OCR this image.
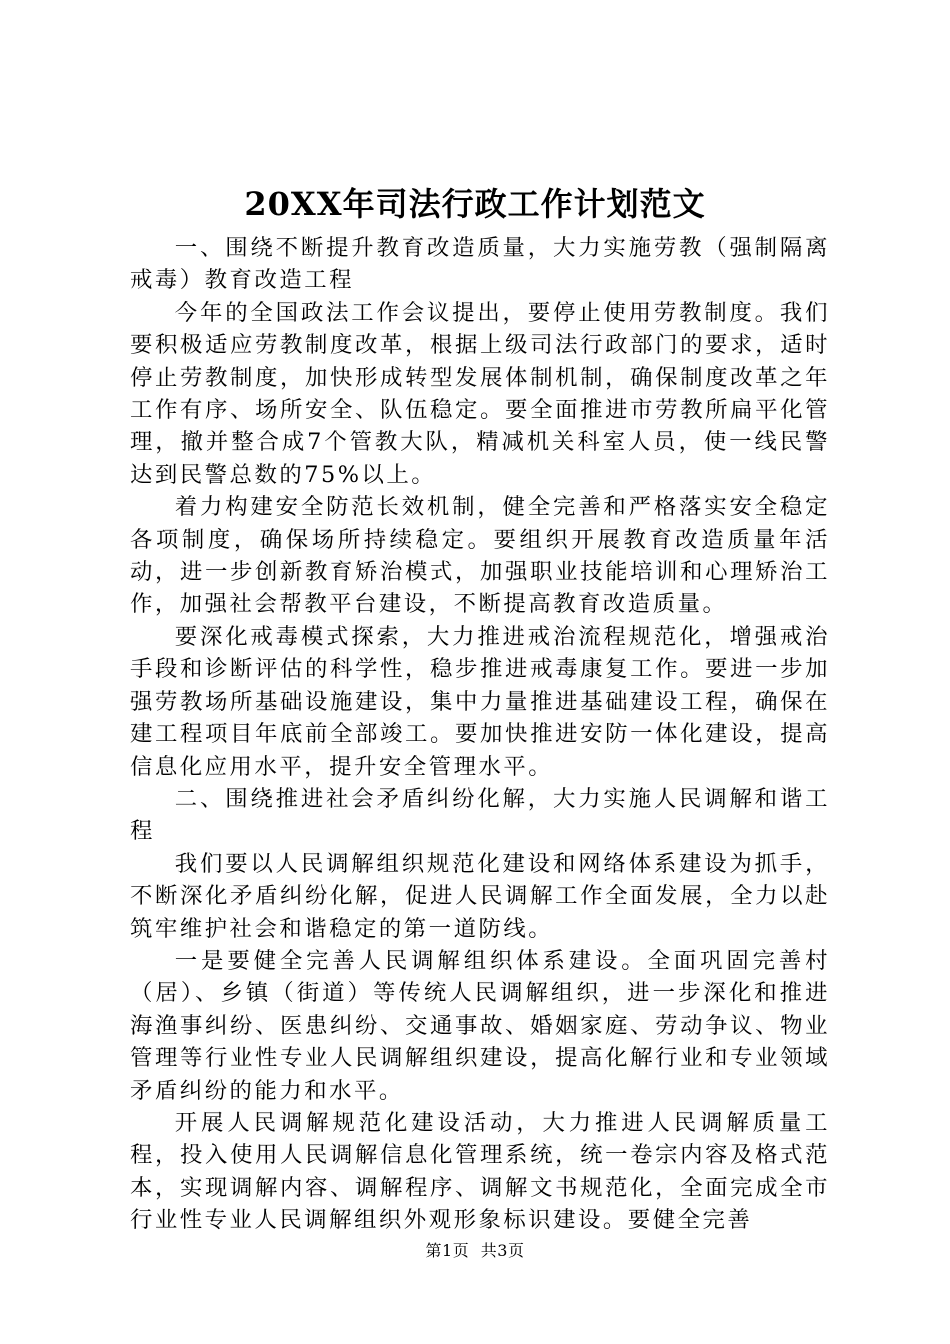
20XX年司法行政工作计划范文

一、围绕不断提升教育改造质量，大力实施劳教（强制隔离戒毒）教育改造工程

今年的全国政法工作会议提出，要停止使用劳教制度。我们要积极适应劳教制度改革，根据上级司法行政部门的要求，适时停止劳教制度，加快形成转型发展体制机制，确保制度改革之年工作有序、场所安全、队伍稳定。要全面推进市劳教所扁平化管理，撤并整合成7个管教大队，精减机关科室人员，使一线民警达到民警总数的75%以上。

着力构建安全防范长效机制，健全完善和严格落实安全稳定各项制度，确保场所持续稳定。要组织开展教育改造质量年活动，进一步创新教育矫治模式，加强职业技能培训和心理矫治工作，加强社会帮教平台建设，不断提高教育改造质量。

要深化戒毒模式探索，大力推进戒治流程规范化，增强戒治手段和诊断评估的科学性，稳步推进戒毒康复工作。要进一步加强劳教场所基础设施建设，集中力量推进基础建设工程，确保在建工程项目年底前全部竣工。要加快推进安防一体化建设，提高信息化应用水平，提升安全管理水平。

二、围绕推进社会矛盾纠纷化解，大力实施人民调解和谐工程

我们要以人民调解组织规范化建设和网络体系建设为抓手，不断深化矛盾纠纷化解，促进人民调解工作全面发展，全力以赴筑牢维护社会和谐稳定的第一道防线。

一是要健全完善人民调解组织体系建设。全面巩固完善村（居）、乡镇（街道）等传统人民调解组织，进一步深化和推进海渔事纠纷、医患纠纷、交通事故、婚姻家庭、劳动争议、物业管理等行业性专业人民调解组织建设，提高化解行业和专业领域矛盾纠纷的能力和水平。

开展人民调解规范化建设活动，大力推进人民调解质量工程，投入使用人民调解信息化管理系统，统一卷宗内容及格式范本，实现调解内容、调解程序、调解文书规范化，全面完成全市行业性专业人民调解组织外观形象标识建设。要健全完善

第1页 共3页
